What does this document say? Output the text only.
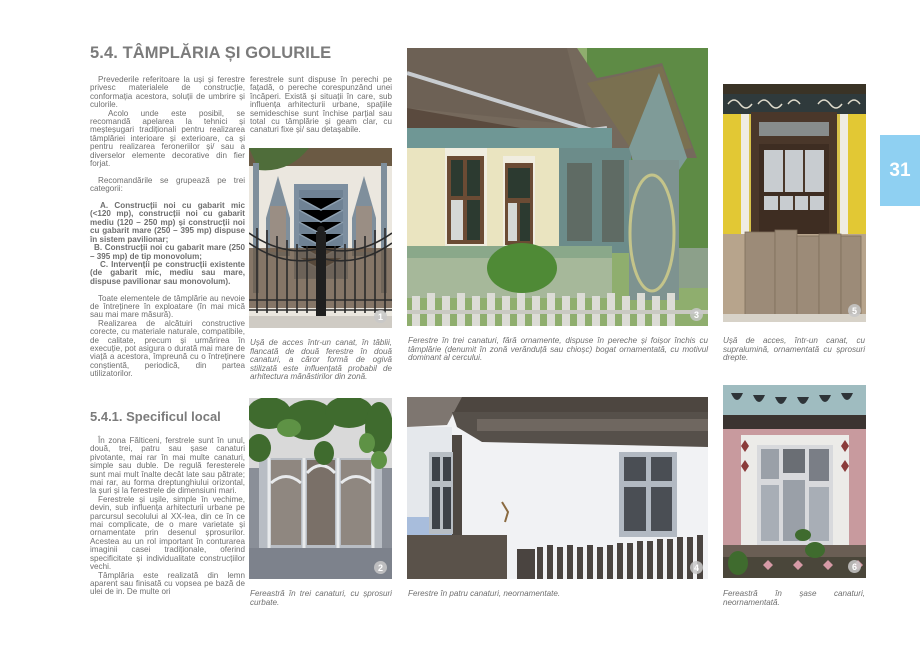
5.4. TÂMPLĂRIA ȘI GOLURILE

Prevederile referitoare la uși și ferestre privesc materialele de construcție, conformația acestora, soluții de umbrire și culorile.

Acolo unde este posibil, se recomandă apelarea la tehnici și meșteșugari tradiționali pentru realizarea tâmplăriei interioare și exterioare, ca și pentru realizarea feroneriilor și/ sau a diverselor elemente decorative din fier forjat.

Recomandările se grupează pe trei categorii:

A. Construcții noi cu gabarit mic (<120 mp), construcții noi cu gabarit mediu (120 – 250 mp) și construcții noi cu gabarit mare (250 – 395 mp) dispuse în sistem pavilionar;

B. Construcții noi cu gabarit mare (250 – 395 mp) de tip monovolum;

C. Intervenții pe construcții existente (de gabarit mic, mediu sau mare, dispuse pavilionar sau monovolum).

Toate elementele de tâmplărie au nevoie de întreținere în exploatare (în mai mică sau mai mare măsură).

Realizarea de alcătuiri constructive corecte, cu materiale naturale, compatibile, de calitate, precum și urmărirea în execuție, pot asigura o durată mai mare de viață a acestora, împreună cu o întreținere conștientă, periodică, din partea utilizatorilor.

5.4.1. Specificul local

În zona Fălticeni, ferstrele sunt în unul, două, trei, patru sau șase canaturi pivotante, mai rar în mai multe canaturi, simple sau duble. De regulă feresterele sunt mai mult înalte decât late sau pătrate; mai rar, au forma dreptunghiului orizontal, la șuri și la ferestrele de dimensiuni mari.

Ferestrele și ușile, simple în vechime, devin, sub influența arhitecturii urbane pe parcursul secolului al XX-lea, din ce în ce mai complicate, de o mare varietate și ornamentate prin desenul șprosurilor. Acestea au un rol important în conturarea imaginii casei tradiționale, oferind specificitate și individualitate construcțiilor vechi.

Tâmplăria este realizată din lemn aparent sau finisată cu vopsea pe bază de ulei de in. De multe ori

ferestrele sunt dispuse în perechi pe fațadă, o pereche corespunzând unei încăperi. Există și situații în care, sub influența arhitecturii urbane, spațiile semideschise sunt închise parțial sau total cu tâmplărie și geam clar, cu canaturi fixe și/ sau detașabile.

1
Ușă de acces într-un canat, în tăblii, flancată de două ferestre în două canaturi, a căror formă de ogivă stilizată este influențată probabil de arhitectura mănăstirilor din zonă.
3
Ferestre în trei canaturi, fără ornamente, dispuse în pereche și foișor închis cu tâmplărie (denumit în zonă verănduță sau chioșc) bogat ornamentată, cu motivul dominant al cercului.
5
Ușă de acces, într-un canat, cu supralumină, ornamentată cu șprosuri drepte.
2
Fereastră în trei canaturi, cu șprosuri curbate.
4
Ferestre în patru canaturi, neornamentate.
6
Fereastră în șase canaturi, neornamentată.
31
